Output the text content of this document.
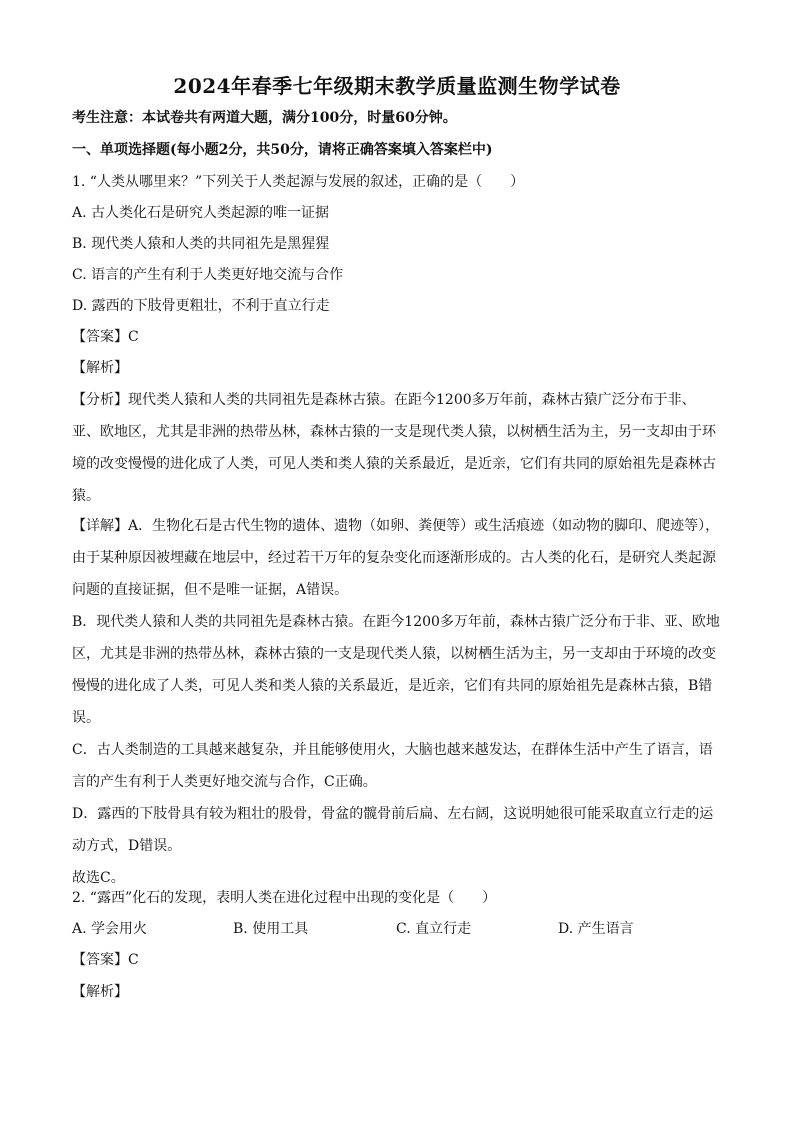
2024年春季七年级期末教学质量监测生物学试卷
考生注意：本试卷共有两道大题，满分100分，时量60分钟。
一、单项选择题(每小题2分，共50分，请将正确答案填入答案栏中)
1. “人类从哪里来？”下列关于人类起源与发展的叙述，正确的是（　　）
A. 古人类化石是研究人类起源的唯一证据
B. 现代类人猿和人类的共同祖先是黑猩猩
C. 语言的产生有利于人类更好地交流与合作
D. 露西的下肢骨更粗壮，不利于直立行走
【答案】C
【解析】
【分析】现代类人猿和人类的共同祖先是森林古猿。在距今1200多万年前，森林古猿广泛分布于非、
亚、欧地区，尤其是非洲的热带丛林，森林古猿的一支是现代类人猿，以树栖生活为主，另一支却由于环
境的改变慢慢的进化成了人类，可见人类和类人猿的关系最近，是近亲，它们有共同的原始祖先是森林古
猿。
【详解】A．生物化石是古代生物的遗体、遗物（如卵、粪便等）或生活痕迹（如动物的脚印、爬迹等），
由于某种原因被埋藏在地层中，经过若干万年的复杂变化而逐渐形成的。古人类的化石，是研究人类起源
问题的直接证据，但不是唯一证据，A错误。
B．现代类人猿和人类的共同祖先是森林古猿。在距今1200多万年前，森林古猿广泛分布于非、亚、欧地
区，尤其是非洲的热带丛林，森林古猿的一支是现代类人猿，以树栖生活为主，另一支却由于环境的改变
慢慢的进化成了人类，可见人类和类人猿的关系最近，是近亲，它们有共同的原始祖先是森林古猿，B错
误。
C．古人类制造的工具越来越复杂，并且能够使用火，大脑也越来越发达，在群体生活中产生了语言，语
言的产生有利于人类更好地交流与合作，C正确。
D．露西的下肢骨具有较为粗壮的股骨，骨盆的髋骨前后扁、左右阔，这说明她很可能采取直立行走的运
动方式，D错误。
故选C。
2. “露西”化石的发现，表明人类在进化过程中出现的变化是（　　）
A. 学会用火	B. 使用工具	C. 直立行走	D. 产生语言
【答案】C
【解析】
